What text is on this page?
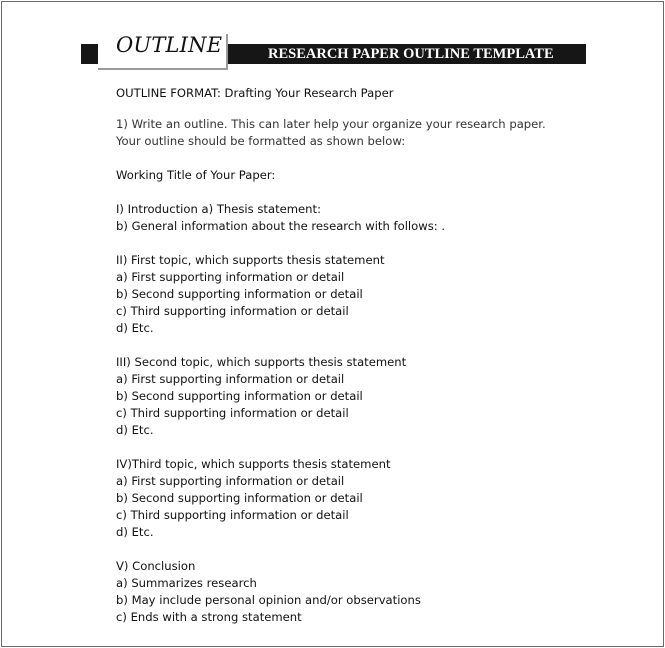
OUTLINE	RESEARCH PAPER OUTLINE TEMPLATE

OUTLINE FORMAT: Drafting Your Research Paper

1) Write an outline. This can later help your organize your research paper.

Your outline should be formatted as shown below:

Working Title of Your Paper:

I) Introduction a) Thesis statement:

b) General information about the research with follows: .

II) First topic, which supports thesis statement

a) First supporting information or detail

b) Second supporting information or detail

c) Third supporting information or detail

d) Etc.

III) Second topic, which supports thesis statement

a) First supporting information or detail

b) Second supporting information or detail

c) Third supporting information or detail

d) Etc.

IV)Third topic, which supports thesis statement

a) First supporting information or detail

b) Second supporting information or detail

c) Third supporting information or detail

d) Etc.

V) Conclusion

a) Summarizes research

b) May include personal opinion and/or observations

c) Ends with a strong statement
